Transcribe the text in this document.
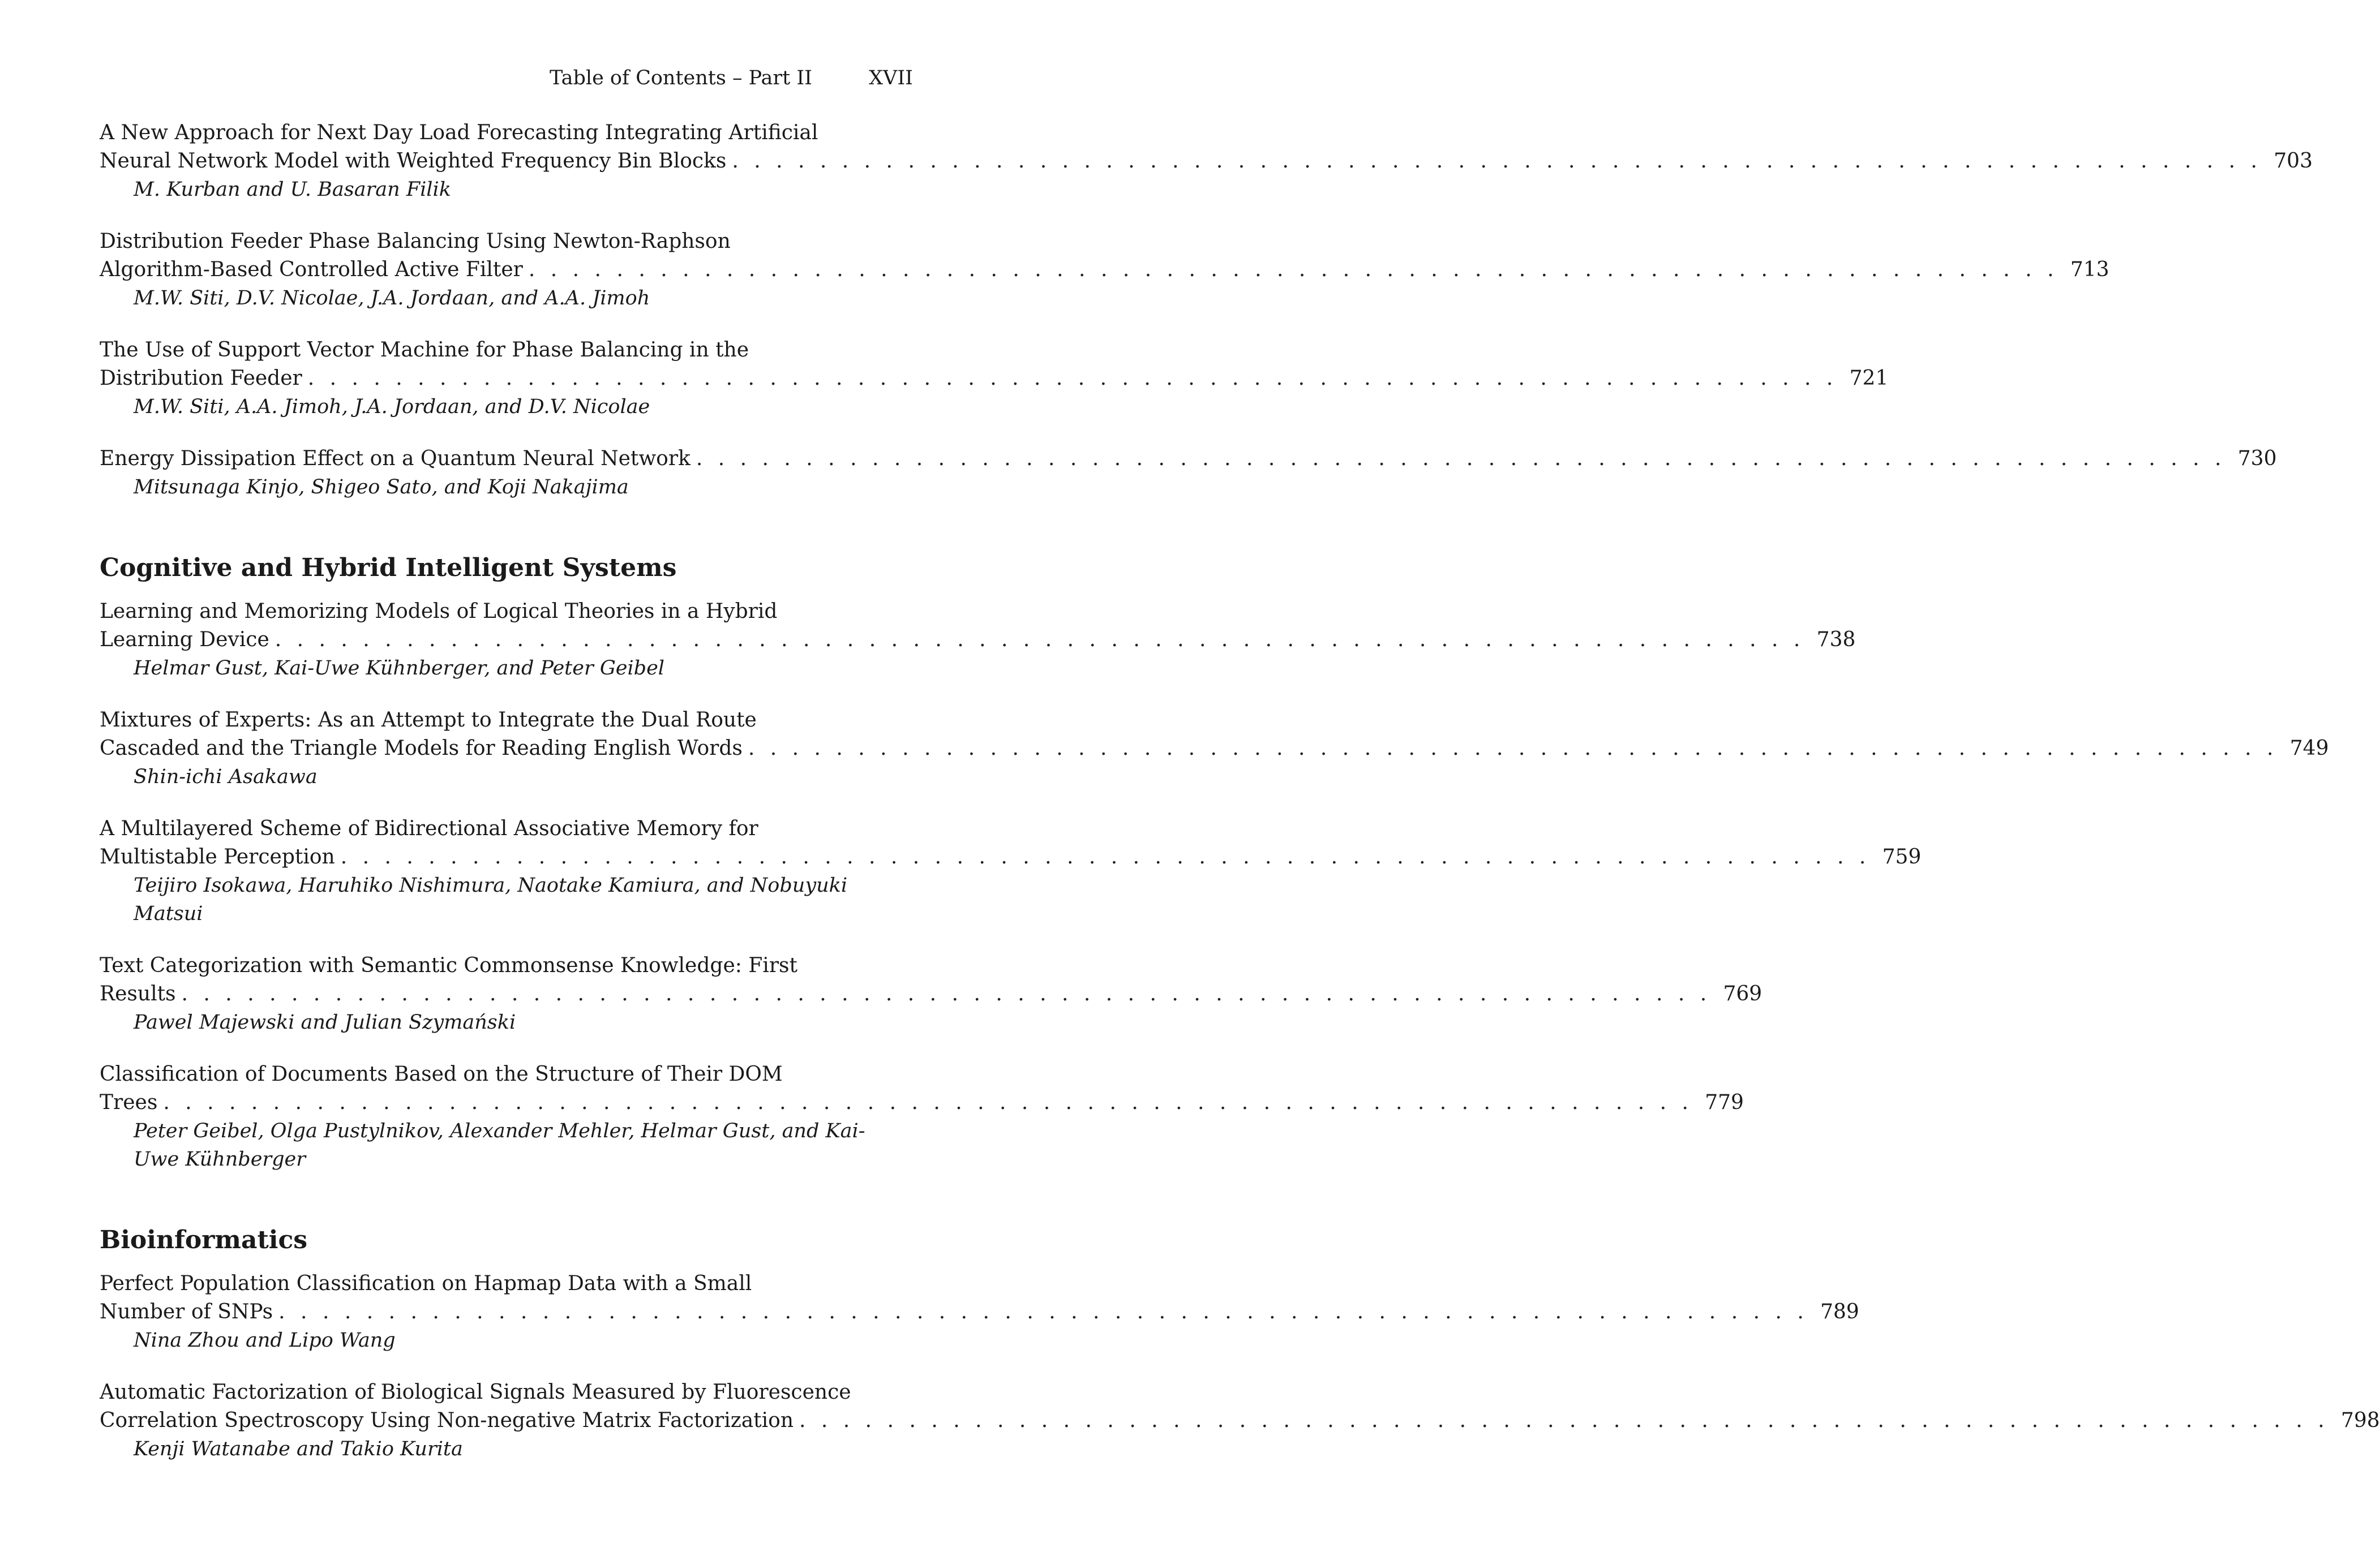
Table of Contents – Part II	XVII
A New Approach for Next Day Load Forecasting Integrating Artificial
Neural Network Model with Weighted Frequency Bin Blocks . . . . . . . . . . . . . . . . . . . . . . . . . . . . . . . . . . . . . . . . . . . . . . . . . . . . . . . . . . . . . . . . . . . . . . 703
M. Kurban and U. Basaran Filik
Distribution Feeder Phase Balancing Using Newton-Raphson
Algorithm-Based Controlled Active Filter . . . . . . . . . . . . . . . . . . . . . . . . . . . . . . . . . . . . . . . . . . . . . . . . . . . . . . . . . . . . . . . . . . . . . . 713
M.W. Siti, D.V. Nicolae, J.A. Jordaan, and A.A. Jimoh
The Use of Support Vector Machine for Phase Balancing in the
Distribution Feeder . . . . . . . . . . . . . . . . . . . . . . . . . . . . . . . . . . . . . . . . . . . . . . . . . . . . . . . . . . . . . . . . . . . . . . 721
M.W. Siti, A.A. Jimoh, J.A. Jordaan, and D.V. Nicolae
Energy Dissipation Effect on a Quantum Neural Network . . . . . . . . . . . . . . . . . . . . . . . . . . . . . . . . . . . . . . . . . . . . . . . . . . . . . . . . . . . . . . . . . . . . . . 730
Mitsunaga Kinjo, Shigeo Sato, and Koji Nakajima
Cognitive and Hybrid Intelligent Systems
Learning and Memorizing Models of Logical Theories in a Hybrid
Learning Device . . . . . . . . . . . . . . . . . . . . . . . . . . . . . . . . . . . . . . . . . . . . . . . . . . . . . . . . . . . . . . . . . . . . . . 738
Helmar Gust, Kai-Uwe Kühnberger, and Peter Geibel
Mixtures of Experts: As an Attempt to Integrate the Dual Route
Cascaded and the Triangle Models for Reading English Words . . . . . . . . . . . . . . . . . . . . . . . . . . . . . . . . . . . . . . . . . . . . . . . . . . . . . . . . . . . . . . . . . . . . . . 749
Shin-ichi Asakawa
A Multilayered Scheme of Bidirectional Associative Memory for
Multistable Perception . . . . . . . . . . . . . . . . . . . . . . . . . . . . . . . . . . . . . . . . . . . . . . . . . . . . . . . . . . . . . . . . . . . . . . 759
Teijiro Isokawa, Haruhiko Nishimura, Naotake Kamiura, and Nobuyuki Matsui
Text Categorization with Semantic Commonsense Knowledge: First
Results . . . . . . . . . . . . . . . . . . . . . . . . . . . . . . . . . . . . . . . . . . . . . . . . . . . . . . . . . . . . . . . . . . . . . . 769
Pawel Majewski and Julian Szymański
Classification of Documents Based on the Structure of Their DOM
Trees . . . . . . . . . . . . . . . . . . . . . . . . . . . . . . . . . . . . . . . . . . . . . . . . . . . . . . . . . . . . . . . . . . . . . . 779
Peter Geibel, Olga Pustylnikov, Alexander Mehler, Helmar Gust, and Kai-Uwe Kühnberger
Bioinformatics
Perfect Population Classification on Hapmap Data with a Small
Number of SNPs . . . . . . . . . . . . . . . . . . . . . . . . . . . . . . . . . . . . . . . . . . . . . . . . . . . . . . . . . . . . . . . . . . . . . . 789
Nina Zhou and Lipo Wang
Automatic Factorization of Biological Signals Measured by Fluorescence
Correlation Spectroscopy Using Non-negative Matrix Factorization . . . . . . . . . . . . . . . . . . . . . . . . . . . . . . . . . . . . . . . . . . . . . . . . . . . . . . . . . . . . . . . . . . . . . . 798
Kenji Watanabe and Takio Kurita
